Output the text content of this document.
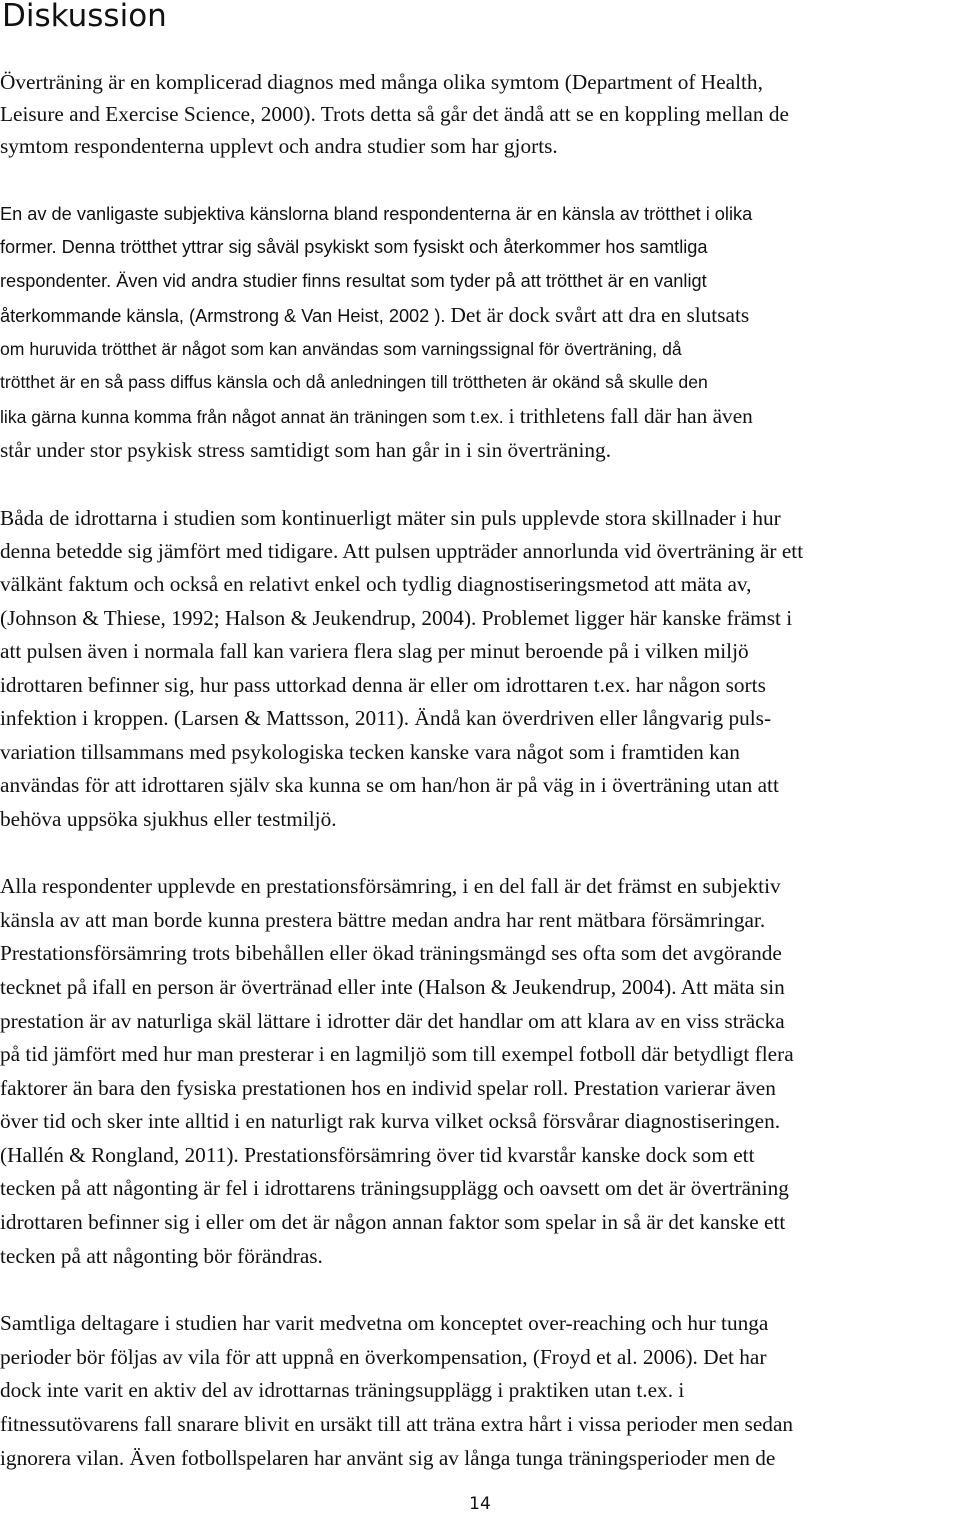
Diskussion
Överträning är en komplicerad diagnos med många olika symtom (Department of Health,
Leisure and Exercise Science, 2000). Trots detta så går det ändå att se en koppling mellan de
symtom respondenterna upplevt och andra studier som har gjorts.
En av de vanligaste subjektiva känslorna bland respondenterna är en känsla av trötthet i olika
former. Denna trötthet yttrar sig såväl psykiskt som fysiskt och återkommer hos samtliga
respondenter. Även vid andra studier finns resultat som tyder på att trötthet är en vanligt
återkommande känsla, (Armstrong & Van Heist, 2002 ). Det är dock svårt att dra en slutsats
om huruvida trötthet är något som kan användas som varningssignal för överträning, då
trötthet är en så pass diffus känsla och då anledningen till tröttheten är okänd så skulle den
lika gärna kunna komma från något annat än träningen som t.ex. i trithletens fall där han även
står under stor psykisk stress samtidigt som han går in i sin överträning.
Båda de idrottarna i studien som kontinuerligt mäter sin puls upplevde stora skillnader i hur
denna betedde sig jämfört med tidigare. Att pulsen uppträder annorlunda vid överträning är ett
välkänt faktum och också en relativt enkel och tydlig diagnostiseringsmetod att mäta av,
(Johnson & Thiese, 1992; Halson & Jeukendrup, 2004). Problemet ligger här kanske främst i
att pulsen även i normala fall kan variera flera slag per minut beroende på i vilken miljö
idrottaren befinner sig, hur pass uttorkad denna är eller om idrottaren t.ex. har någon sorts
infektion i kroppen. (Larsen & Mattsson, 2011). Ändå kan överdriven eller långvarig puls-
variation tillsammans med psykologiska tecken kanske vara något som i framtiden kan
användas för att idrottaren själv ska kunna se om han/hon är på väg in i överträning utan att
behöva uppsöka sjukhus eller testmiljö.
Alla respondenter upplevde en prestationsförsämring, i en del fall är det främst en subjektiv
känsla av att man borde kunna prestera bättre medan andra har rent mätbara försämringar.
Prestationsförsämring trots bibehållen eller ökad träningsmängd ses ofta som det avgörande
tecknet på ifall en person är övertränad eller inte (Halson & Jeukendrup, 2004). Att mäta sin
prestation är av naturliga skäl lättare i idrotter där det handlar om att klara av en viss sträcka
på tid jämfört med hur man presterar i en lagmiljö som till exempel fotboll där betydligt flera
faktorer än bara den fysiska prestationen hos en individ spelar roll. Prestation varierar även
över tid och sker inte alltid i en naturligt rak kurva vilket också försvårar diagnostiseringen.
(Hallén & Rongland, 2011). Prestationsförsämring över tid kvarstår kanske dock som ett
tecken på att någonting är fel i idrottarens träningsupplägg och oavsett om det är överträning
idrottaren befinner sig i eller om det är någon annan faktor som spelar in så är det kanske ett
tecken på att någonting bör förändras.
Samtliga deltagare i studien har varit medvetna om konceptet over-reaching och hur tunga
perioder bör följas av vila för att uppnå en överkompensation, (Froyd et al. 2006). Det har
dock inte varit en aktiv del av idrottarnas träningsupplägg i praktiken utan t.ex. i
fitnessutövarens fall snarare blivit en ursäkt till att träna extra hårt i vissa perioder men sedan
ignorera vilan. Även fotbollspelaren har använt sig av långa tunga träningsperioder men de
14
